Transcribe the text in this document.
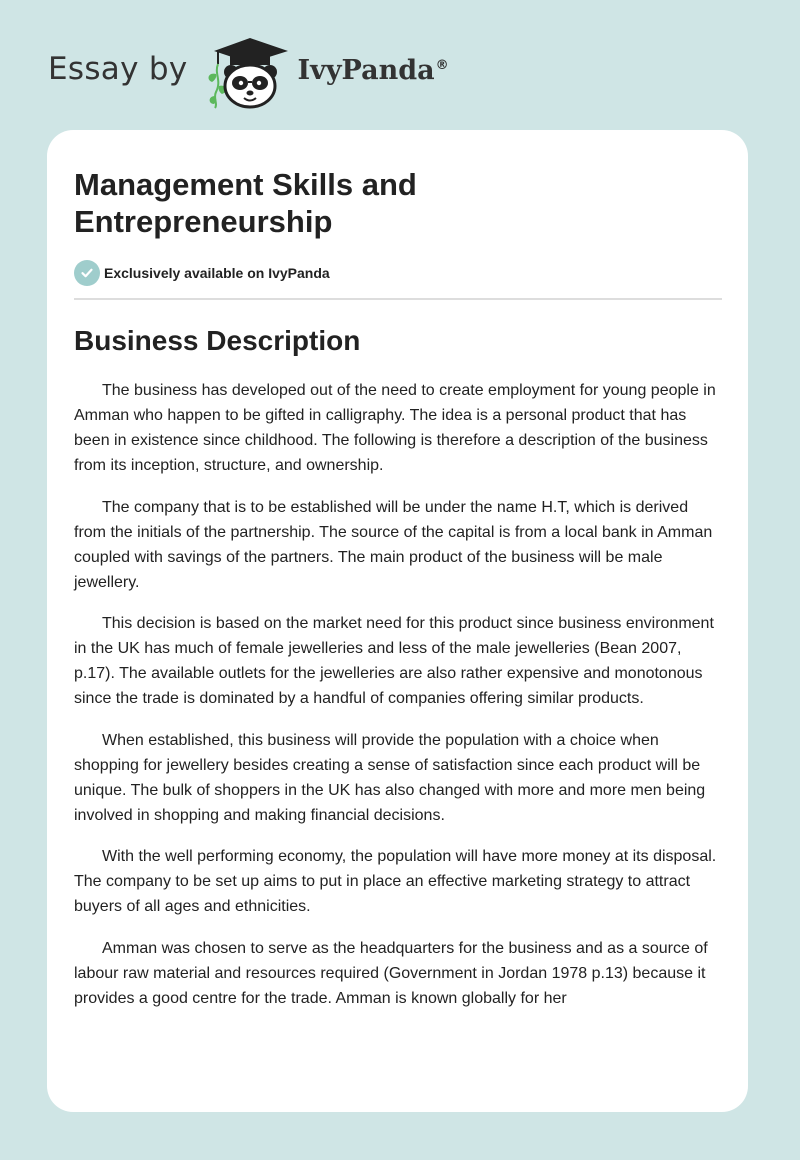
Essay by	IvyPanda®
Management Skills and Entrepreneurship
Exclusively available on IvyPanda
Business Description

The business has developed out of the need to create employment for young people in Amman who happen to be gifted in calligraphy. The idea is a personal product that has been in existence since childhood. The following is therefore a description of the business from its inception, structure, and ownership.

The company that is to be established will be under the name H.T, which is derived from the initials of the partnership. The source of the capital is from a local bank in Amman coupled with savings of the partners. The main product of the business will be male jewellery.

This decision is based on the market need for this product since business environment in the UK has much of female jewelleries and less of the male jewelleries (Bean 2007, p.17). The available outlets for the jewelleries are also rather expensive and monotonous since the trade is dominated by a handful of companies offering similar products.

When established, this business will provide the population with a choice when shopping for jewellery besides creating a sense of satisfaction since each product will be unique. The bulk of shoppers in the UK has also changed with more and more men being involved in shopping and making financial decisions.

With the well performing economy, the population will have more money at its disposal. The company to be set up aims to put in place an effective marketing strategy to attract buyers of all ages and ethnicities.

Amman was chosen to serve as the headquarters for the business and as a source of labour raw material and resources required (Government in Jordan 1978 p.13) because it provides a good centre for the trade. Amman is known globally for her
